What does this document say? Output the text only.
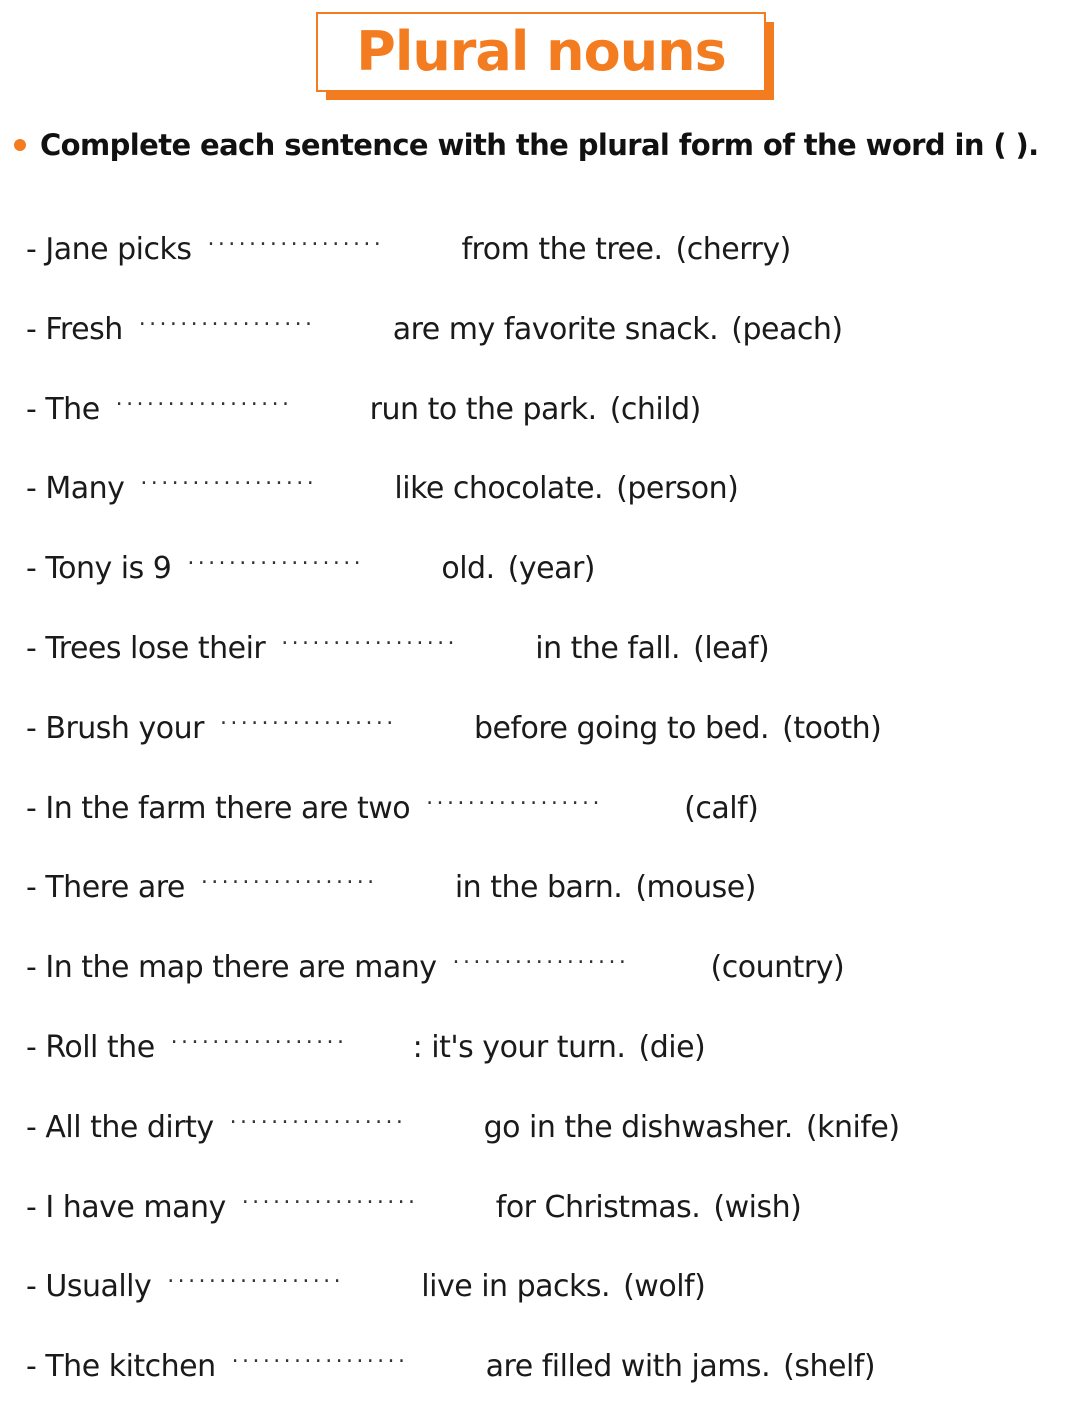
Plural nouns
Complete each sentence with the plural form of the word in ( ).
- Jane picks .................	from the tree. (cherry)
- Fresh .................	are my favorite snack. (peach)
- The .................	run to the park. (child)
- Many .................	like chocolate. (person)
- Tony is 9 .................	old. (year)
- Trees lose their .................	in the fall. (leaf)
- Brush your .................	before going to bed. (tooth)
- In the farm there are two .................	(calf)
- There are .................	in the barn. (mouse)
- In the map there are many .................	(country)
- Roll the ................. : it's your turn. (die)
- All the dirty .................	go in the dishwasher. (knife)
- I have many .................	for Christmas. (wish)
- Usually .................	live in packs. (wolf)
- The kitchen .................	are filled with jams. (shelf)
